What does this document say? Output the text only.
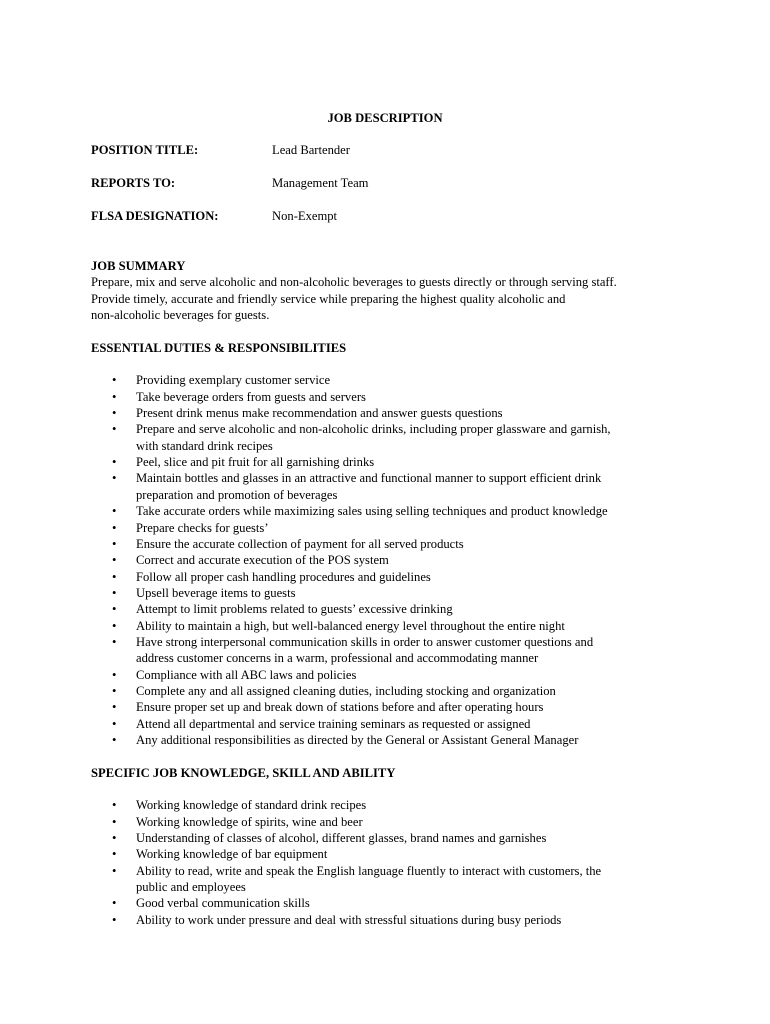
JOB DESCRIPTION
POSITION TITLE:	Lead Bartender
REPORTS TO:	Management Team
FLSA DESIGNATION:	Non-Exempt
JOB SUMMARY
Prepare, mix and serve alcoholic and non-alcoholic beverages to guests directly or through serving staff.
Provide timely, accurate and friendly service while preparing the highest quality alcoholic and
non-alcoholic beverages for guests.
ESSENTIAL DUTIES & RESPONSIBILITIES
• Providing exemplary customer service
• Take beverage orders from guests and servers
• Present drink menus make recommendation and answer guests questions
• Prepare and serve alcoholic and non-alcoholic drinks, including proper glassware and garnish,
with standard drink recipes
• Peel, slice and pit fruit for all garnishing drinks
• Maintain bottles and glasses in an attractive and functional manner to support efficient drink
preparation and promotion of beverages
• Take accurate orders while maximizing sales using selling techniques and product knowledge
• Prepare checks for guests’
• Ensure the accurate collection of payment for all served products
• Correct and accurate execution of the POS system
• Follow all proper cash handling procedures and guidelines
• Upsell beverage items to guests
• Attempt to limit problems related to guests’ excessive drinking
• Ability to maintain a high, but well-balanced energy level throughout the entire night
• Have strong interpersonal communication skills in order to answer customer questions and
address customer concerns in a warm, professional and accommodating manner
• Compliance with all ABC laws and policies
• Complete any and all assigned cleaning duties, including stocking and organization
• Ensure proper set up and break down of stations before and after operating hours
• Attend all departmental and service training seminars as requested or assigned
• Any additional responsibilities as directed by the General or Assistant General Manager
SPECIFIC JOB KNOWLEDGE, SKILL AND ABILITY
• Working knowledge of standard drink recipes
• Working knowledge of spirits, wine and beer
• Understanding of classes of alcohol, different glasses, brand names and garnishes
• Working knowledge of bar equipment
• Ability to read, write and speak the English language fluently to interact with customers, the
public and employees
• Good verbal communication skills
• Ability to work under pressure and deal with stressful situations during busy periods
